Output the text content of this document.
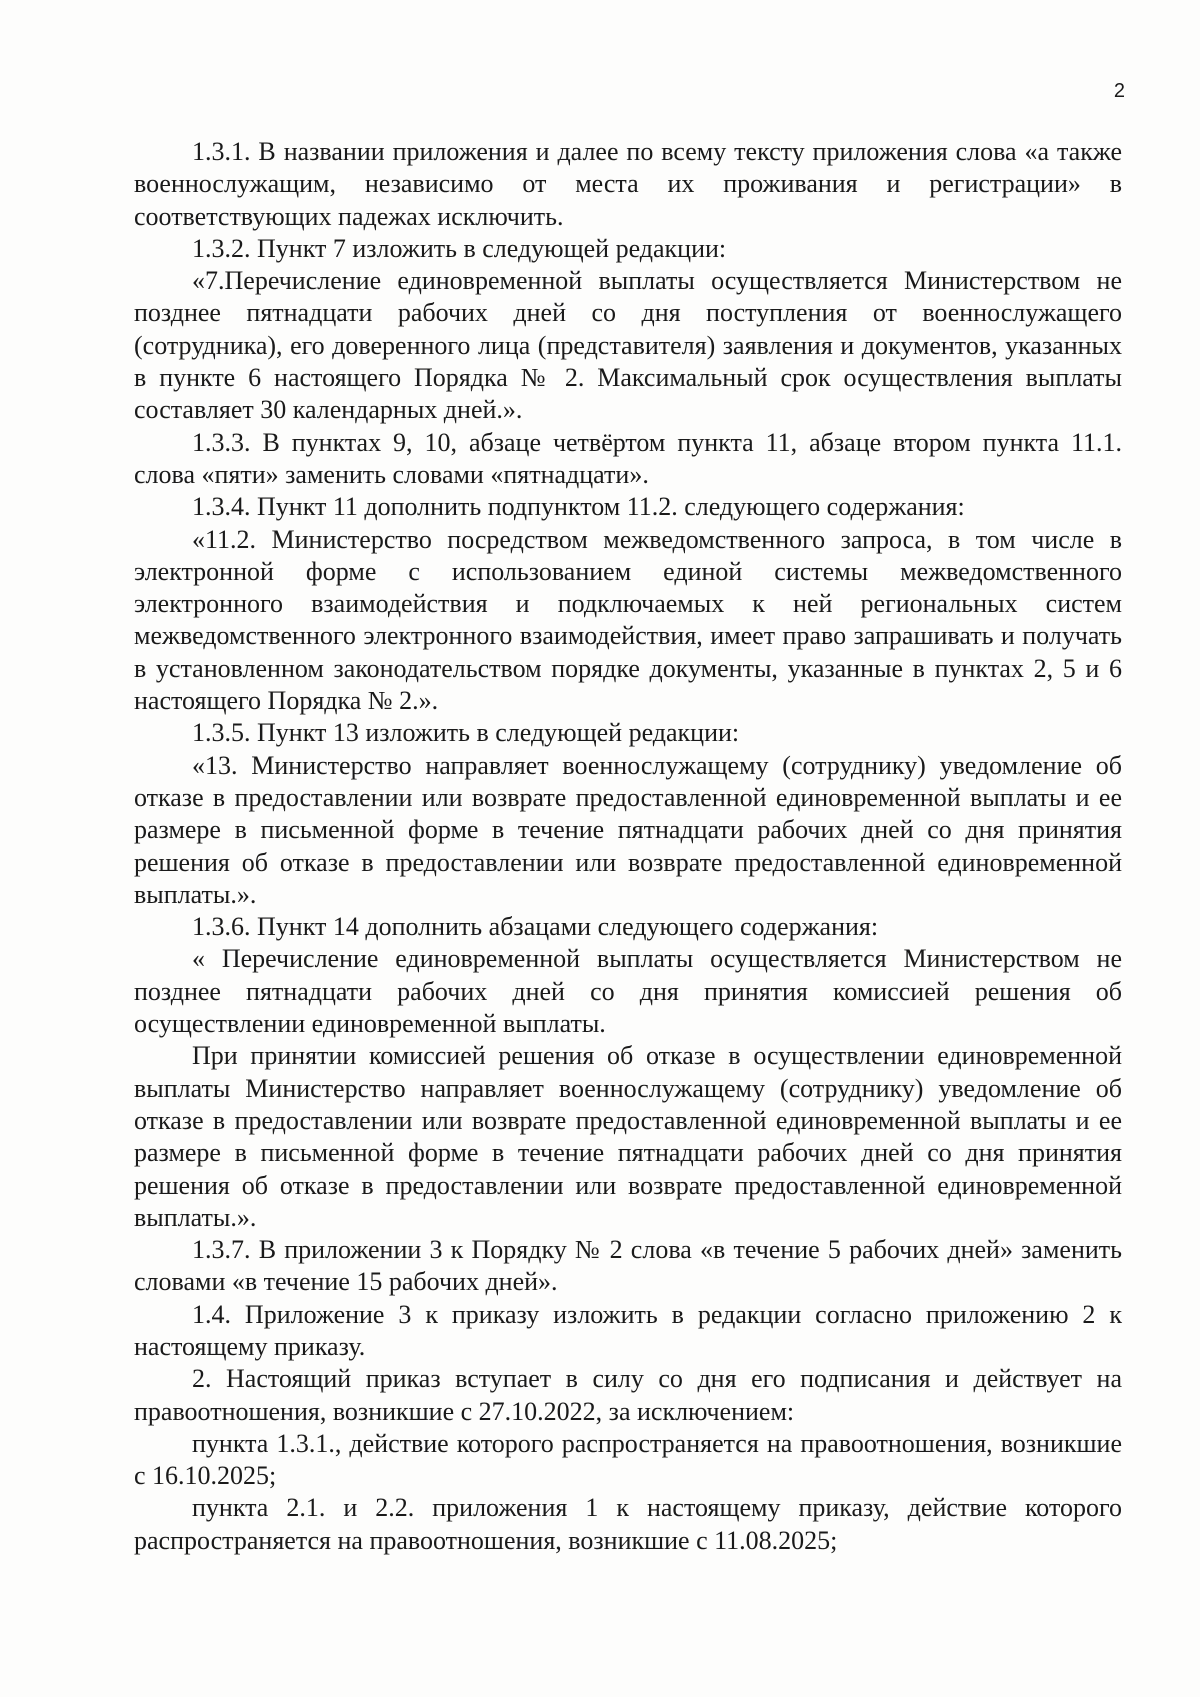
2

1.3.1. В названии приложения и далее по всему тексту приложения слова «а также военнослужащим, независимо от места их проживания и регистрации» в соответствующих падежах исключить.

1.3.2. Пункт 7 изложить в следующей редакции:

«7.Перечисление единовременной выплаты осуществляется Министерством не позднее пятнадцати рабочих дней со дня поступления от военнослужащего (сотрудника), его доверенного лица (представителя) заявления и документов, указанных в пункте 6 настоящего Порядка № 2. Максимальный срок осуществления выплаты составляет 30 календарных дней.».

1.3.3. В пунктах 9, 10, абзаце четвёртом пункта 11, абзаце втором пункта 11.1. слова «пяти» заменить словами «пятнадцати».

1.3.4. Пункт 11 дополнить подпунктом 11.2. следующего содержания:

«11.2. Министерство посредством межведомственного запроса, в том числе в электронной форме с использованием единой системы межведомственного электронного взаимодействия и подключаемых к ней региональных систем межведомственного электронного взаимодействия, имеет право запрашивать и получать в установленном законодательством порядке документы, указанные в пунктах 2, 5 и 6 настоящего Порядка № 2.».

1.3.5. Пункт 13 изложить в следующей редакции:

«13. Министерство направляет военнослужащему (сотруднику) уведомление об отказе в предоставлении или возврате предоставленной единовременной выплаты и ее размере в письменной форме в течение пятнадцати рабочих дней со дня принятия решения об отказе в предоставлении или возврате предоставленной единовременной выплаты.».

1.3.6. Пункт 14 дополнить абзацами следующего содержания:

« Перечисление единовременной выплаты осуществляется Министерством не позднее пятнадцати рабочих дней со дня принятия комиссией решения об осуществлении единовременной выплаты.

При принятии комиссией решения об отказе в осуществлении единовременной выплаты Министерство направляет военнослужащему (сотруднику) уведомление об отказе в предоставлении или возврате предоставленной единовременной выплаты и ее размере в письменной форме в течение пятнадцати рабочих дней со дня принятия решения об отказе в предоставлении или возврате предоставленной единовременной выплаты.».

1.3.7. В приложении 3 к Порядку № 2 слова «в течение 5 рабочих дней» заменить словами «в течение 15 рабочих дней».

1.4. Приложение 3 к приказу изложить в редакции согласно приложению 2 к настоящему приказу.

2. Настоящий приказ вступает в силу со дня его подписания и действует на правоотношения, возникшие с 27.10.2022, за исключением:

пункта 1.3.1., действие которого распространяется на правоотношения, возникшие с 16.10.2025;

пункта 2.1. и 2.2. приложения 1 к настоящему приказу, действие которого распространяется на правоотношения, возникшие с 11.08.2025;
